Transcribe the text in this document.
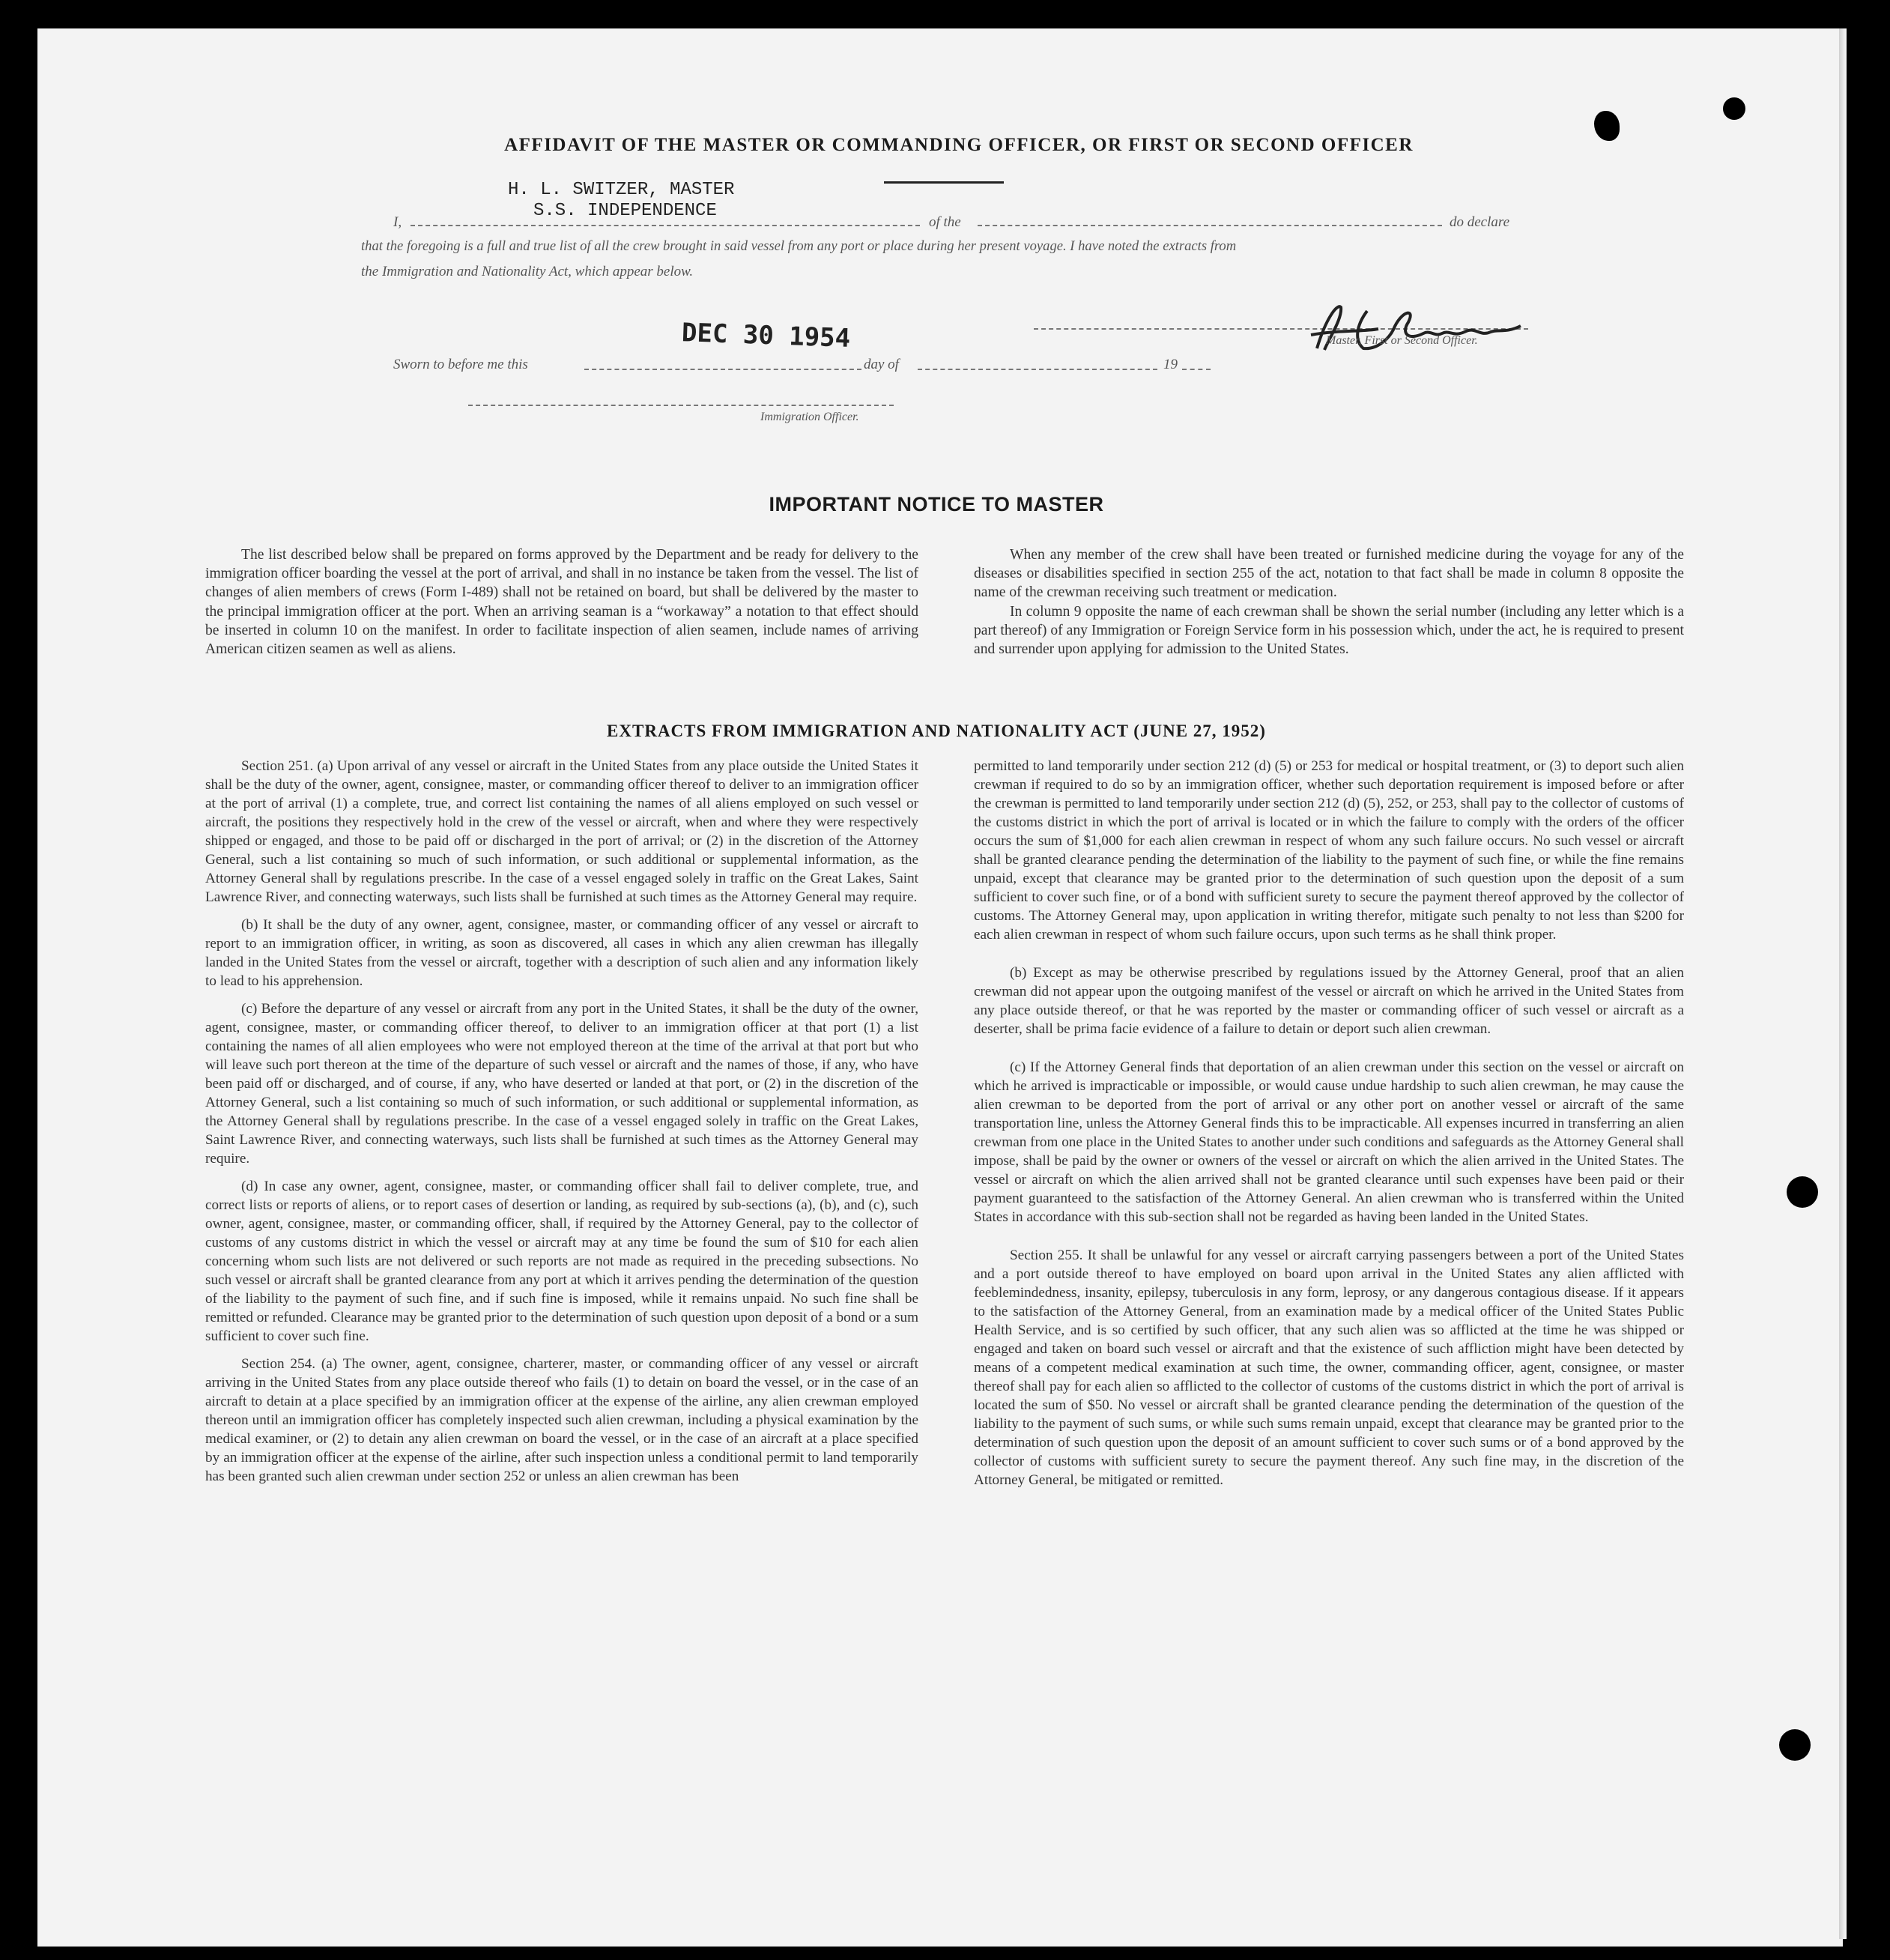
AFFIDAVIT OF THE MASTER OR COMMANDING OFFICER, OR FIRST OR SECOND OFFICER
H. L. SWITZER, MASTER
S.S. INDEPENDENCE
I,	of the	do declare
that the foregoing is a full and true list of all the crew brought in said vessel from any port or place during her present voyage. I have noted the extracts from
the Immigration and Nationality Act, which appear below.
DEC 30 1954	Master, First or Second Officer.
Sworn to before me this	day of	19
Immigration Officer.
IMPORTANT NOTICE TO MASTER

The list described below shall be prepared on forms approved by the Department and be ready for delivery to the immigration officer boarding the vessel at the port of arrival, and shall in no instance be taken from the vessel. The list of changes of alien members of crews (Form I-489) shall not be retained on board, but shall be delivered by the master to the principal immigration officer at the port. When an arriving seaman is a “workaway” a notation to that effect should be inserted in column 10 on the manifest. In order to facilitate inspection of alien seamen, include names of arriving American citizen seamen as well as aliens.

When any member of the crew shall have been treated or furnished medicine during the voyage for any of the diseases or disabilities specified in section 255 of the act, notation to that fact shall be made in column 8 opposite the name of the crewman receiving such treatment or medication.

In column 9 opposite the name of each crewman shall be shown the serial number (including any letter which is a part thereof) of any Immigration or Foreign Service form in his possession which, under the act, he is required to present and surrender upon applying for admission to the United States.

EXTRACTS FROM IMMIGRATION AND NATIONALITY ACT (JUNE 27, 1952)

Section 251. (a) Upon arrival of any vessel or aircraft in the United States from any place outside the United States it shall be the duty of the owner, agent, consignee, master, or commanding officer thereof to deliver to an immigration officer at the port of arrival (1) a complete, true, and correct list containing the names of all aliens employed on such vessel or aircraft, the positions they respectively hold in the crew of the vessel or aircraft, when and where they were respectively shipped or engaged, and those to be paid off or discharged in the port of arrival; or (2) in the discretion of the Attorney General, such a list containing so much of such information, or such additional or supplemental information, as the Attorney General shall by regulations prescribe. In the case of a vessel engaged solely in traffic on the Great Lakes, Saint Lawrence River, and connecting waterways, such lists shall be furnished at such times as the Attorney General may require.

(b) It shall be the duty of any owner, agent, consignee, master, or commanding officer of any vessel or aircraft to report to an immigration officer, in writing, as soon as discovered, all cases in which any alien crewman has illegally landed in the United States from the vessel or aircraft, together with a description of such alien and any information likely to lead to his apprehension.

(c) Before the departure of any vessel or aircraft from any port in the United States, it shall be the duty of the owner, agent, consignee, master, or commanding officer thereof, to deliver to an immigration officer at that port (1) a list containing the names of all alien employees who were not employed thereon at the time of the arrival at that port but who will leave such port thereon at the time of the departure of such vessel or aircraft and the names of those, if any, who have been paid off or discharged, and of course, if any, who have deserted or landed at that port, or (2) in the discretion of the Attorney General, such a list containing so much of such information, or such additional or supplemental information, as the Attorney General shall by regulations prescribe. In the case of a vessel engaged solely in traffic on the Great Lakes, Saint Lawrence River, and connecting waterways, such lists shall be furnished at such times as the Attorney General may require.

(d) In case any owner, agent, consignee, master, or commanding officer shall fail to deliver complete, true, and correct lists or reports of aliens, or to report cases of desertion or landing, as required by sub-sections (a), (b), and (c), such owner, agent, consignee, master, or commanding officer, shall, if required by the Attorney General, pay to the collector of customs of any customs district in which the vessel or aircraft may at any time be found the sum of $10 for each alien concerning whom such lists are not delivered or such reports are not made as required in the preceding subsections. No such vessel or aircraft shall be granted clearance from any port at which it arrives pending the determination of the question of the liability to the payment of such fine, and if such fine is imposed, while it remains unpaid. No such fine shall be remitted or refunded. Clearance may be granted prior to the determination of such question upon deposit of a bond or a sum sufficient to cover such fine.

Section 254. (a) The owner, agent, consignee, charterer, master, or commanding officer of any vessel or aircraft arriving in the United States from any place outside thereof who fails (1) to detain on board the vessel, or in the case of an aircraft to detain at a place specified by an immigration officer at the expense of the airline, any alien crewman employed thereon until an immigration officer has completely inspected such alien crewman, including a physical examination by the medical examiner, or (2) to detain any alien crewman on board the vessel, or in the case of an aircraft at a place specified by an immigration officer at the expense of the airline, after such inspection unless a conditional permit to land temporarily has been granted such alien crewman under section 252 or unless an alien crewman has been

permitted to land temporarily under section 212 (d) (5) or 253 for medical or hospital treatment, or (3) to deport such alien crewman if required to do so by an immigration officer, whether such deportation requirement is imposed before or after the crewman is permitted to land temporarily under section 212 (d) (5), 252, or 253, shall pay to the collector of customs of the customs district in which the port of arrival is located or in which the failure to comply with the orders of the officer occurs the sum of $1,000 for each alien crewman in respect of whom any such failure occurs. No such vessel or aircraft shall be granted clearance pending the determination of the liability to the payment of such fine, or while the fine remains unpaid, except that clearance may be granted prior to the determination of such question upon the deposit of a sum sufficient to cover such fine, or of a bond with sufficient surety to secure the payment thereof approved by the collector of customs. The Attorney General may, upon application in writing therefor, mitigate such penalty to not less than $200 for each alien crewman in respect of whom such failure occurs, upon such terms as he shall think proper.

(b) Except as may be otherwise prescribed by regulations issued by the Attorney General, proof that an alien crewman did not appear upon the outgoing manifest of the vessel or aircraft on which he arrived in the United States from any place outside thereof, or that he was reported by the master or commanding officer of such vessel or aircraft as a deserter, shall be prima facie evidence of a failure to detain or deport such alien crewman.

(c) If the Attorney General finds that deportation of an alien crewman under this section on the vessel or aircraft on which he arrived is impracticable or impossible, or would cause undue hardship to such alien crewman, he may cause the alien crewman to be deported from the port of arrival or any other port on another vessel or aircraft of the same transportation line, unless the Attorney General finds this to be impracticable. All expenses incurred in transferring an alien crewman from one place in the United States to another under such conditions and safeguards as the Attorney General shall impose, shall be paid by the owner or owners of the vessel or aircraft on which the alien arrived in the United States. The vessel or aircraft on which the alien arrived shall not be granted clearance until such expenses have been paid or their payment guaranteed to the satisfaction of the Attorney General. An alien crewman who is transferred within the United States in accordance with this sub-section shall not be regarded as having been landed in the United States.

Section 255. It shall be unlawful for any vessel or aircraft carrying passengers between a port of the United States and a port outside thereof to have employed on board upon arrival in the United States any alien afflicted with feeblemindedness, insanity, epilepsy, tuberculosis in any form, leprosy, or any dangerous contagious disease. If it appears to the satisfaction of the Attorney General, from an examination made by a medical officer of the United States Public Health Service, and is so certified by such officer, that any such alien was so afflicted at the time he was shipped or engaged and taken on board such vessel or aircraft and that the existence of such affliction might have been detected by means of a competent medical examination at such time, the owner, commanding officer, agent, consignee, or master thereof shall pay for each alien so afflicted to the collector of customs of the customs district in which the port of arrival is located the sum of $50. No vessel or aircraft shall be granted clearance pending the determination of the question of the liability to the payment of such sums, or while such sums remain unpaid, except that clearance may be granted prior to the determination of such question upon the deposit of an amount sufficient to cover such sums or of a bond approved by the collector of customs with sufficient surety to secure the payment thereof. Any such fine may, in the discretion of the Attorney General, be mitigated or remitted.
